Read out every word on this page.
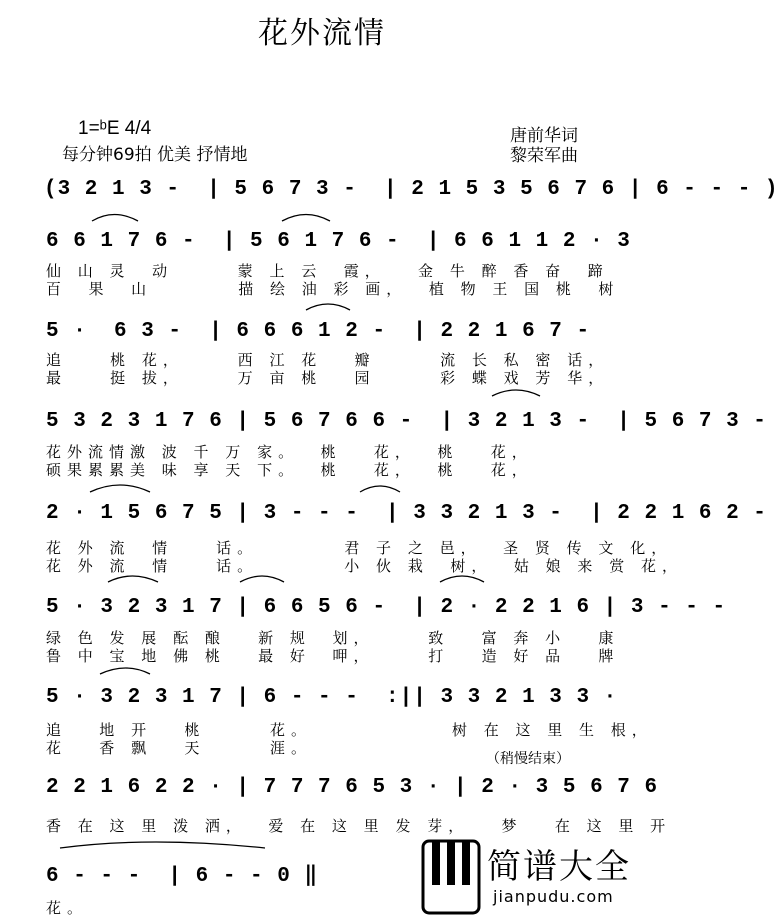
花外流情
1=ᵇE 4/4
每分钟69拍 优美 抒情地
唐前华词
黎荣军曲
(3 2 1 3 -  | 5 6 7 3 -  | 2 1 5 3 5 6 7 6 | 6 - - - )
6 6 1 7 6 -  | 5 6 1 7 6 -  | 6 6 1 1 2 · 3
仙 山 灵  动      蒙 上 云  霞，   金 牛 醉 香 奋  蹄
百  果  山        描 绘 油 彩 画，  植 物 王 国 桃  树
5 ·  6 3 -  | 6 6 6 1 2 -  | 2 2 1 6 7 -
追    桃 花，     西 江 花   瓣      流 长 私 密 话，
最    挺 拔，     万 亩 桃   园      彩 蝶 戏 芳 华，
5 3 2 3 1 7 6 | 5 6 7 6 6 -  | 3 2 1 3 -  | 5 6 7 3 -
花外流情激 波 千 万 家。  桃   花，  桃   花，
硕果累累美 味 享 天 下。  桃   花，  桃   花，
2 · 1 5 6 7 5 | 3 - - -  | 3 3 2 1 3 -  | 2 2 1 6 2 -
花 外 流  情    话。        君 子 之 邑，  圣 贤 传 文 化，
花 外 流  情    话。        小 伙 栽  树，  姑 娘 来 赏 花，
5 · 3 2 3 1 7 | 6 6 5 6 -  | 2 · 2 2 1 6 | 3 - - -
绿 色 发 展 酝 酿   新 规  划，     致   富 奔 小   康
鲁 中 宝 地 佛 桃   最 好  呷，     打   造 好 品   牌
5 · 3 2 3 1 7 | 6 - - -  :|| 3 3 2 1 3 3 ·
追   地 开   桃      花。             树 在 这 里 生 根，
花   香 飘   天      涯。
（稍慢结束）
2 2 1 6 2 2 · | 7 7 7 6 5 3 · | 2 · 3 5 6 7 6
香 在 这 里 泼 洒，  爱 在 这 里 发 芽，   梦   在 这 里 开
6 - - -  | 6 - - 0 ‖
花。
简谱大全
jianpudu.com
